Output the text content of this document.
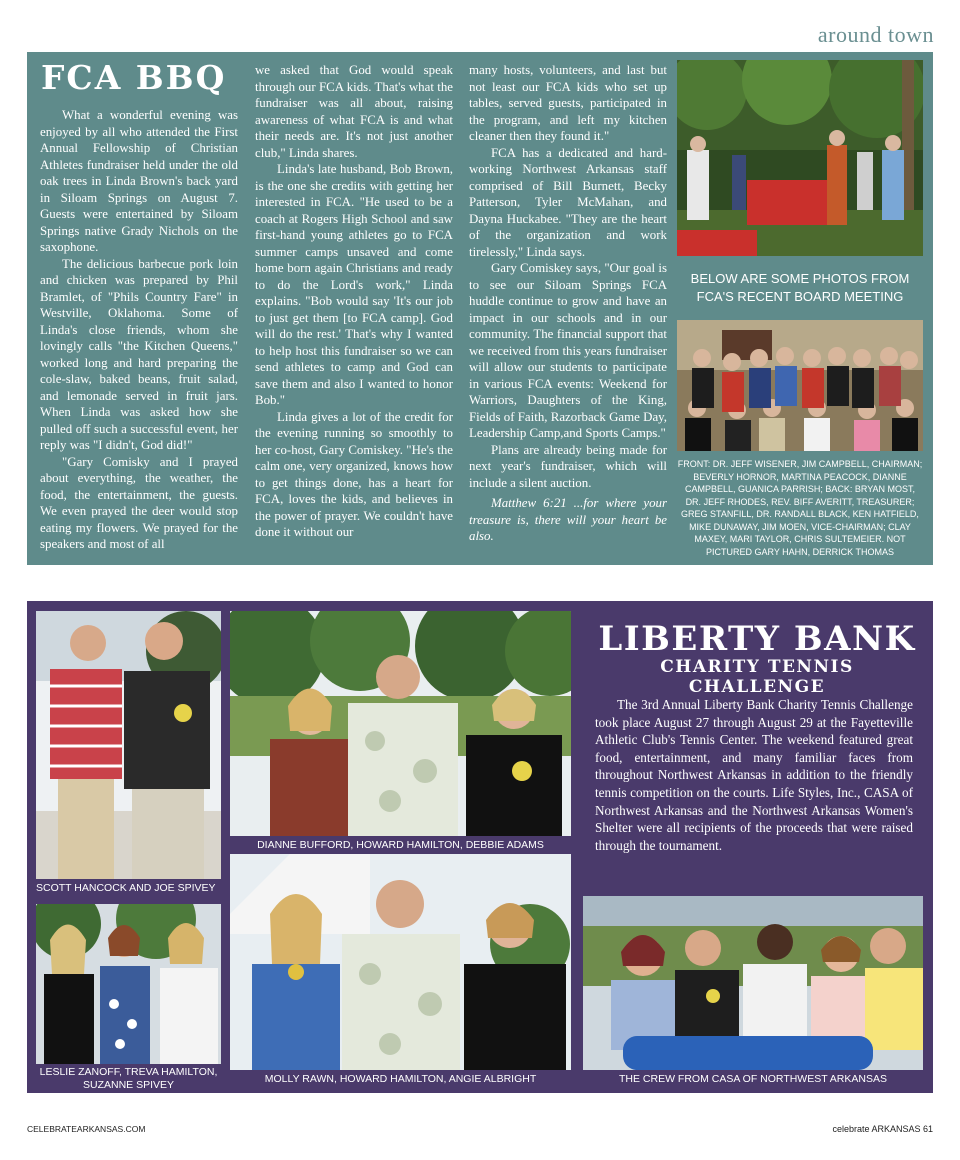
around town
FCA BBQ

What a wonderful evening was enjoyed by all who attended the First Annual Fellowship of Christian Athletes fundraiser held under the old oak trees in Linda Brown's back yard in Siloam Springs on August 7. Guests were entertained by Siloam Springs native Grady Nichols on the saxophone.

The delicious barbecue pork loin and chicken was prepared by Phil Bramlet, of "Phils Country Fare" in Westville, Oklahoma. Some of Linda's close friends, whom she lovingly calls "the Kitchen Queens," worked long and hard preparing the cole-slaw, baked beans, fruit salad, and lemonade served in fruit jars. When Linda was asked how she pulled off such a successful event, her reply was "I didn't, God did!"

"Gary Comisky and I prayed about everything, the weather, the food, the entertainment, the guests. We even prayed the deer would stop eating my flowers. We prayed for the speakers and most of all

we asked that God would speak through our FCA kids. That's what the fundraiser was all about, raising awareness of what FCA is and what their needs are. It's not just another club," Linda shares.

Linda's late husband, Bob Brown, is the one she credits with getting her interested in FCA. "He used to be a coach at Rogers High School and saw first-hand young athletes go to FCA summer camps unsaved and come home born again Christians and ready to do the Lord's work," Linda explains. "Bob would say 'It's our job to just get them [to FCA camp]. God will do the rest.' That's why I wanted to help host this fundraiser so we can send athletes to camp and God can save them and also I wanted to honor Bob."

Linda gives a lot of the credit for the evening running so smoothly to her co-host, Gary Comiskey. "He's the calm one, very organized, knows how to get things done, has a heart for FCA, loves the kids, and believes in the power of prayer. We couldn't have done it without our

many hosts, volunteers, and last but not least our FCA kids who set up tables, served guests, participated in the program, and left my kitchen cleaner then they found it."

FCA has a dedicated and hard-working Northwest Arkansas staff comprised of Bill Burnett, Becky Patterson, Tyler McMahan, and Dayna Huckabee. "They are the heart of the organization and work tirelessly," Linda says.

Gary Comiskey says, "Our goal is to see our Siloam Springs FCA huddle continue to grow and have an impact in our schools and in our community. The financial support that we received from this years fundraiser will allow our students to participate in various FCA events: Weekend for Warriors, Daughters of the King, Fields of Faith, Razorback Game Day, Leadership Camp,and Sports Camps."

Plans are already being made for next year's fundraiser, which will include a silent auction.

Matthew 6:21 ...for where your treasure is, there will your heart be also.

BELOW ARE SOME PHOTOS FROM FCA'S RECENT BOARD MEETING
FRONT: DR. JEFF WISENER, JIM CAMPBELL, CHAIRMAN; BEVERLY HORNOR, MARTINA PEACOCK, DIANNE CAMPBELL, GUANICA PARRISH; BACK: BRYAN MOST, DR. JEFF RHODES, REV. BIFF AVERITT, TREASURER; GREG STANFILL, DR. RANDALL BLACK, KEN HATFIELD, MIKE DUNAWAY, JIM MOEN, VICE-CHAIRMAN; CLAY MAXEY, MARI TAYLOR, CHRIS SULTEMEIER. NOT PICTURED GARY HAHN, DERRICK THOMAS
SCOTT HANCOCK AND JOE SPIVEY
DIANNE BUFFORD, HOWARD HAMILTON, DEBBIE ADAMS
LIBERTY BANK
CHARITY TENNIS CHALLENGE

The 3rd Annual Liberty Bank Charity Tennis Challenge took place August 27 through August 29 at the Fayetteville Athletic Club's Tennis Center. The weekend featured great food, entertainment, and many familiar faces from throughout Northwest Arkansas in addition to the friendly tennis competition on the courts. Life Styles, Inc., CASA of Northwest Arkansas and the Northwest Arkansas Women's Shelter were all recipients of the proceeds that were raised through the tournament.

LESLIE ZANOFF, TREVA HAMILTON, SUZANNE SPIVEY	MOLLY RAWN, HOWARD HAMILTON, ANGIE ALBRIGHT	THE CREW FROM CASA OF NORTHWEST ARKANSAS
CELEBRATEARKANSAS.COM	celebrate ARKANSAS 61
